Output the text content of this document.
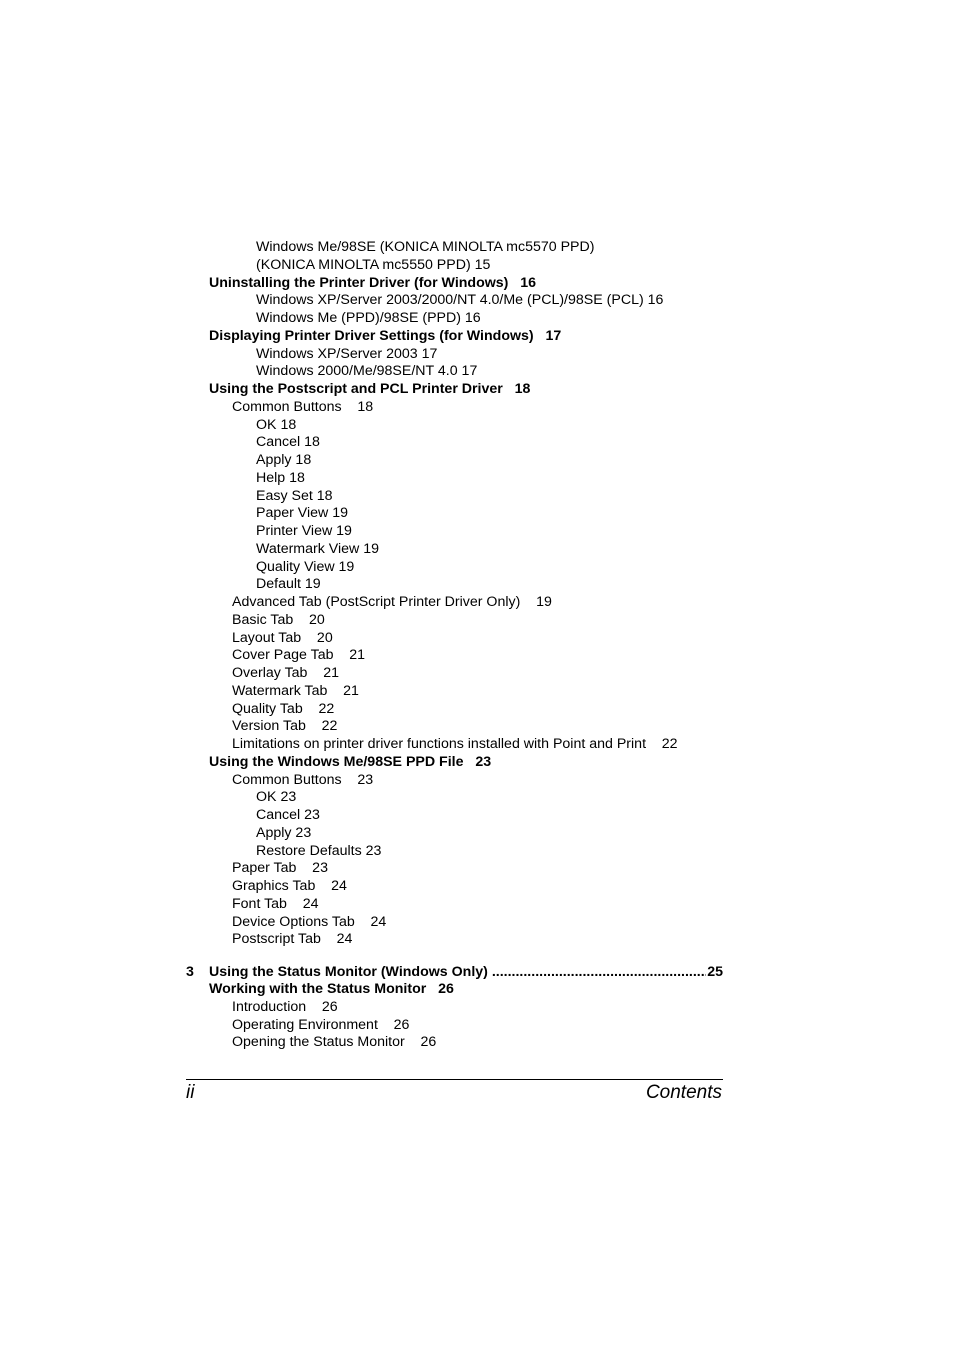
Windows Me/98SE (KONICA MINOLTA mc5570 PPD)
(KONICA MINOLTA mc5550 PPD) 15
Uninstalling the Printer Driver (for Windows)   16
Windows XP/Server 2003/2000/NT 4.0/Me (PCL)/98SE (PCL) 16
Windows Me (PPD)/98SE (PPD) 16
Displaying Printer Driver Settings (for Windows)   17
Windows XP/Server 2003 17
Windows 2000/Me/98SE/NT 4.0 17
Using the Postscript and PCL Printer Driver   18
Common Buttons    18
OK 18
Cancel 18
Apply 18
Help 18
Easy Set 18
Paper View 19
Printer View 19
Watermark View 19
Quality View 19
Default 19
Advanced Tab (PostScript Printer Driver Only)    19
Basic Tab    20
Layout Tab    20
Cover Page Tab    21
Overlay Tab    21
Watermark Tab    21
Quality Tab    22
Version Tab    22
Limitations on printer driver functions installed with Point and Print    22
Using the Windows Me/98SE PPD File   23
Common Buttons    23
OK 23
Cancel 23
Apply 23
Restore Defaults 23
Paper Tab    23
Graphics Tab    24
Font Tab    24
Device Options Tab    24
Postscript Tab    24
Working with the Status Monitor   26
Introduction    26
Operating Environment    26
Opening the Status Monitor    26
3 Using the Status Monitor (Windows Only) .....	25
ii	Contents
